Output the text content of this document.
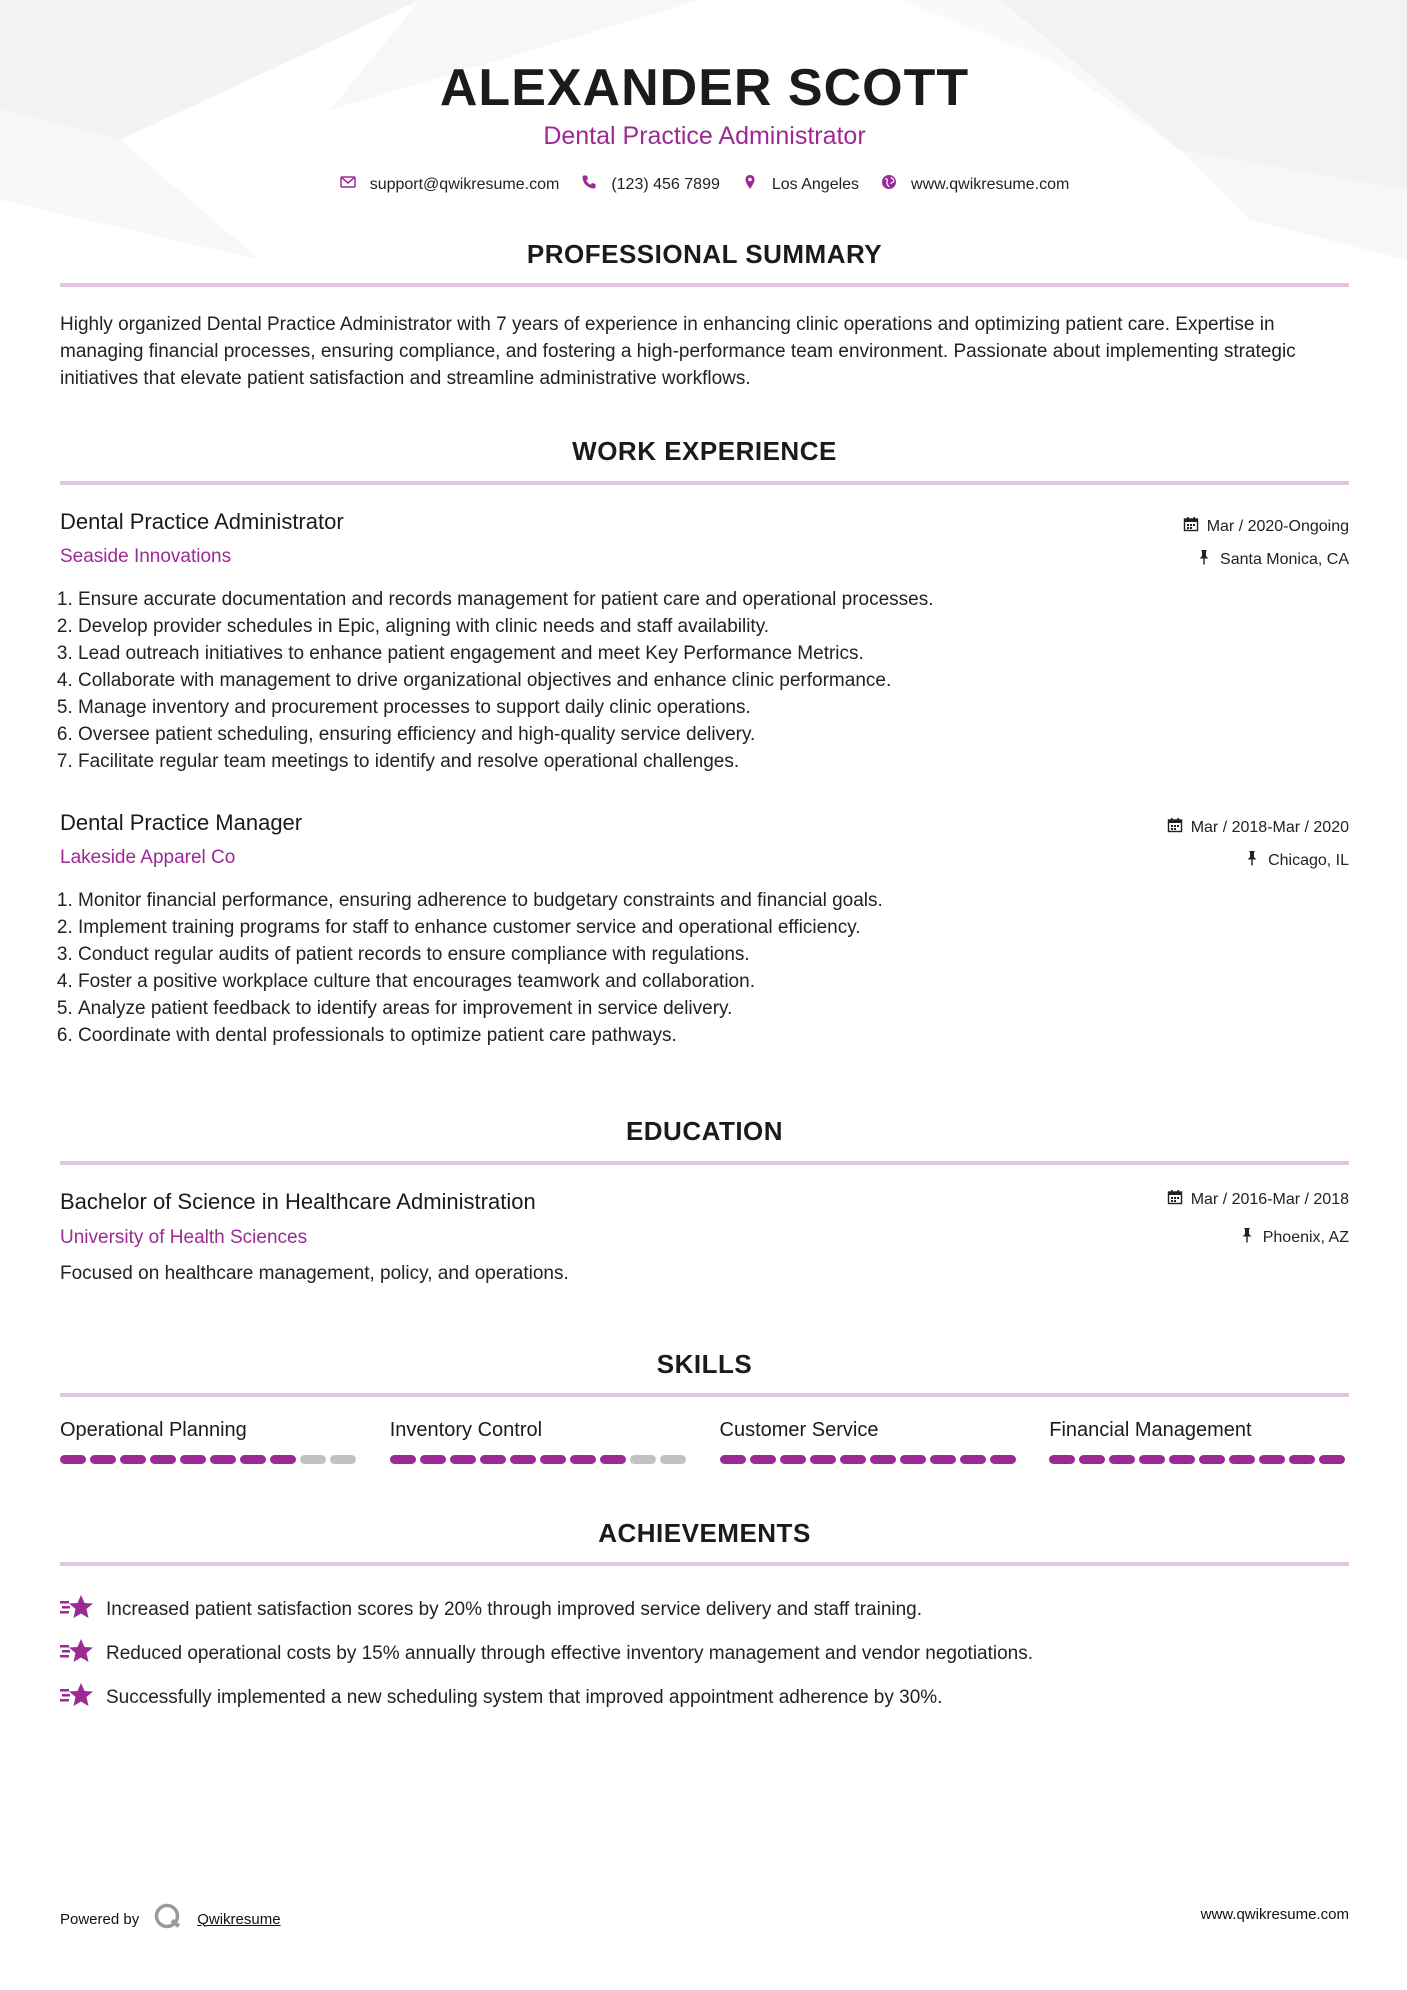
ALEXANDER SCOTT
Dental Practice Administrator
support@qwikresume.com	(123) 456 7899	Los Angeles	www.qwikresume.com
PROFESSIONAL SUMMARY
Highly organized Dental Practice Administrator with 7 years of experience in enhancing clinic operations and optimizing patient care. Expertise in managing financial processes, ensuring compliance, and fostering a high-performance team environment. Passionate about implementing strategic initiatives that elevate patient satisfaction and streamline administrative workflows.
WORK EXPERIENCE
Dental Practice Administrator
Seaside Innovations
Mar / 2020-Ongoing
Santa Monica, CA
1. Ensure accurate documentation and records management for patient care and operational processes.
2. Develop provider schedules in Epic, aligning with clinic needs and staff availability.
3. Lead outreach initiatives to enhance patient engagement and meet Key Performance Metrics.
4. Collaborate with management to drive organizational objectives and enhance clinic performance.
5. Manage inventory and procurement processes to support daily clinic operations.
6. Oversee patient scheduling, ensuring efficiency and high-quality service delivery.
7. Facilitate regular team meetings to identify and resolve operational challenges.
Dental Practice Manager
Lakeside Apparel Co
Mar / 2018-Mar / 2020
Chicago, IL
1. Monitor financial performance, ensuring adherence to budgetary constraints and financial goals.
2. Implement training programs for staff to enhance customer service and operational efficiency.
3. Conduct regular audits of patient records to ensure compliance with regulations.
4. Foster a positive workplace culture that encourages teamwork and collaboration.
5. Analyze patient feedback to identify areas for improvement in service delivery.
6. Coordinate with dental professionals to optimize patient care pathways.
EDUCATION
Bachelor of Science in Healthcare Administration
University of Health Sciences
Mar / 2016-Mar / 2018
Phoenix, AZ
Focused on healthcare management, policy, and operations.
SKILLS
Operational Planning	Inventory Control	Customer Service	Financial Management
ACHIEVEMENTS
Increased patient satisfaction scores by 20% through improved service delivery and staff training.
Reduced operational costs by 15% annually through effective inventory management and vendor negotiations.
Successfully implemented a new scheduling system that improved appointment adherence by 30%.
Powered by	Qwikresume	www.qwikresume.com
